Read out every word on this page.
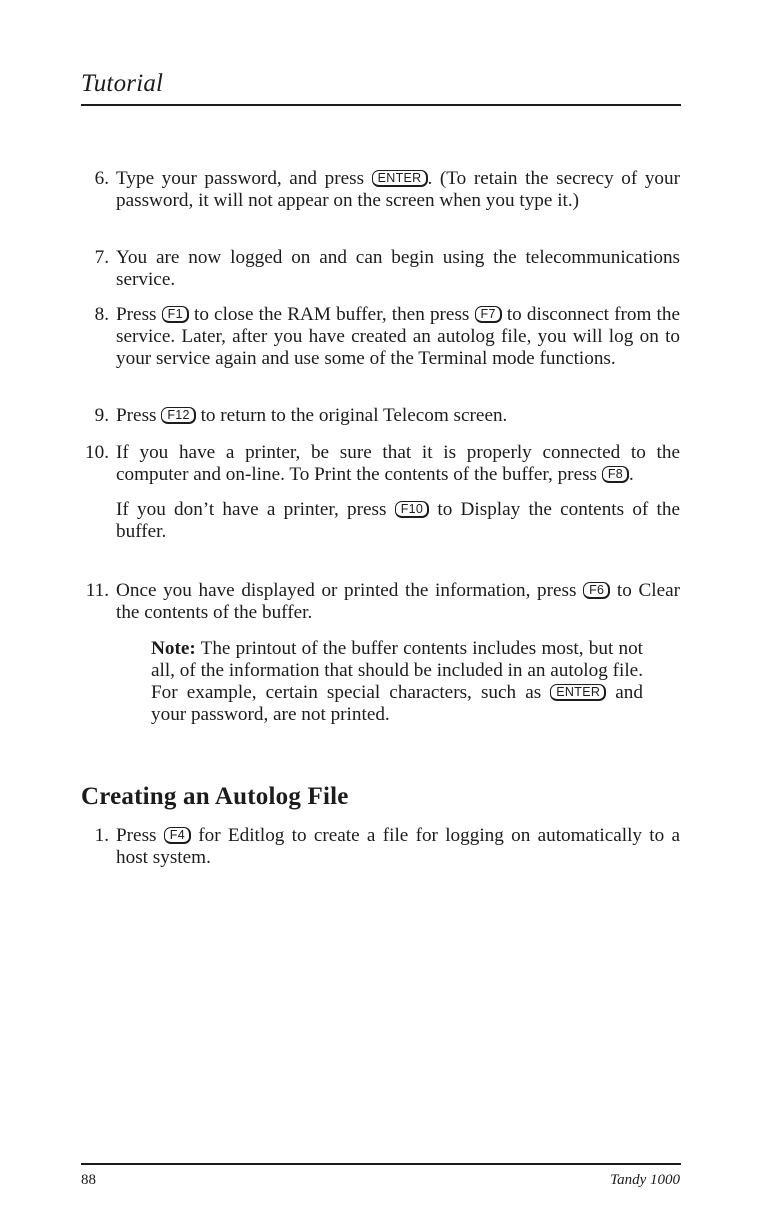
Tutorial
6. Type your password, and press ENTER . (To retain the secrecy of your password, it will not appear on the screen when you type it.)

7. You are now logged on and can begin using the telecommunications service.

8. Press F1 to close the RAM buffer, then press F7 to disconnect from the service. Later, after you have created an autolog file, you will log on to your service again and use some of the Terminal mode functions.

9. Press F12 to return to the original Telecom screen.

10. If you have a printer, be sure that it is properly connected to the computer and on-line. To Print the contents of the buffer, press F8 .

If you don’t have a printer, press F10 to Display the contents of the buffer.

11. Once you have displayed or printed the information, press F6 to Clear the contents of the buffer.

Note: The printout of the buffer contents includes most, but not all, of the information that should be included in an autolog file. For example, certain special characters, such as ENTER and your password, are not printed.
Creating an Autolog File
1. Press F4 for Editlog to create a file for logging on automatically to a host system.

88	Tandy 1000
